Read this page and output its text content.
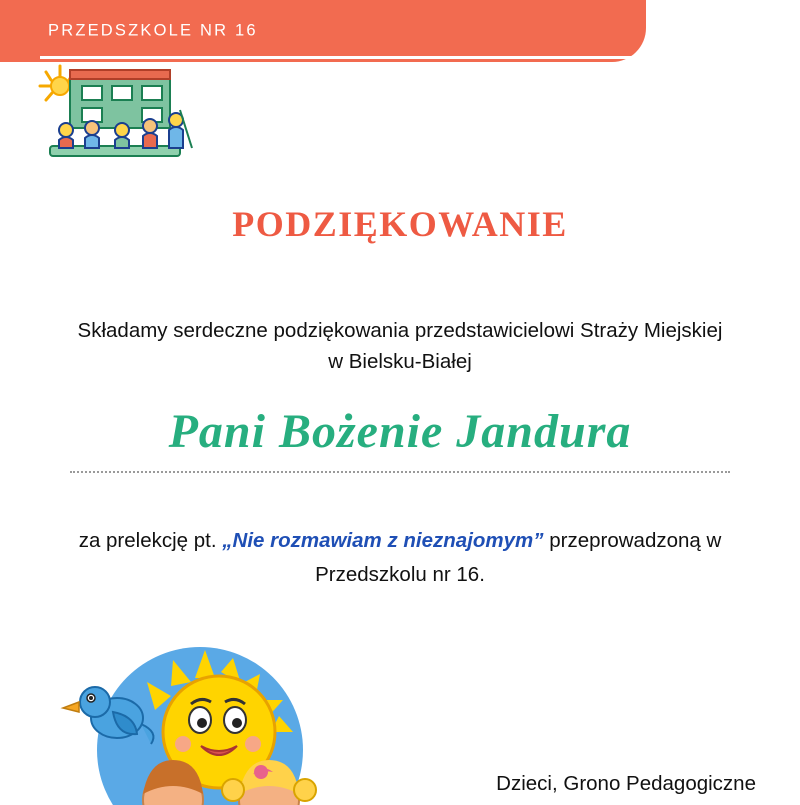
PRZEDSZKOLE NR 16
PODZIĘKOWANIE
Składamy serdeczne podziękowania przedstawicielowi Straży Miejskiej
w Bielsku-Białej
Pani Bożenie Jandura
za prelekcję pt. „Nie rozmawiam z nieznajomym” przeprowadzoną w
Przedszkolu nr 16.
Dzieci, Grono Pedagogiczne
